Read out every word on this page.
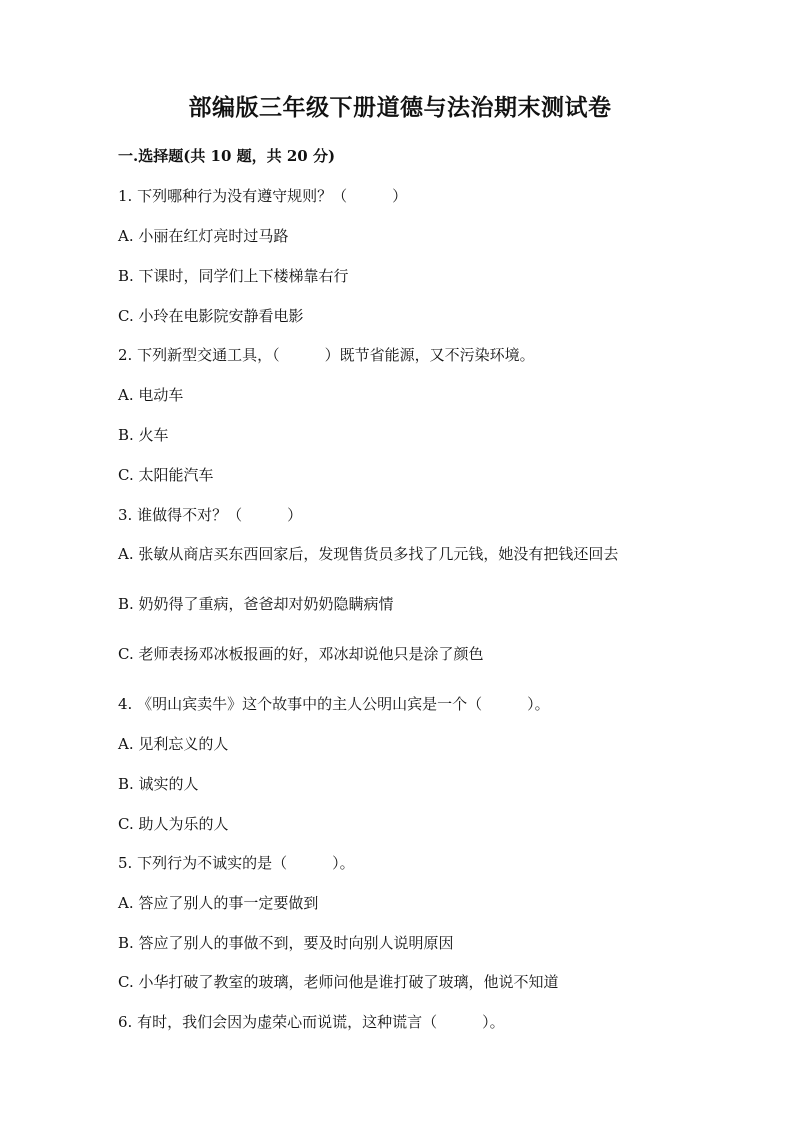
部编版三年级下册道德与法治期末测试卷
一.选择题(共 10 题，共 20 分)
1. 下列哪种行为没有遵守规则？（　　　）
A. 小丽在红灯亮时过马路
B. 下课时，同学们上下楼梯靠右行
C. 小玲在电影院安静看电影
2. 下列新型交通工具，（　　　）既节省能源，又不污染环境。
A. 电动车
B. 火车
C. 太阳能汽车
3. 谁做得不对？（　　　）
A. 张敏从商店买东西回家后，发现售货员多找了几元钱，她没有把钱还回去
B. 奶奶得了重病，爸爸却对奶奶隐瞒病情
C. 老师表扬邓冰板报画的好，邓冰却说他只是涂了颜色
4. 《明山宾卖牛》这个故事中的主人公明山宾是一个（　　　）。
A. 见利忘义的人
B. 诚实的人
C. 助人为乐的人
5. 下列行为不诚实的是（　　　）。
A. 答应了别人的事一定要做到
B. 答应了别人的事做不到，要及时向别人说明原因
C. 小华打破了教室的玻璃，老师问他是谁打破了玻璃，他说不知道
6. 有时，我们会因为虚荣心而说谎，这种谎言（　　　）。
